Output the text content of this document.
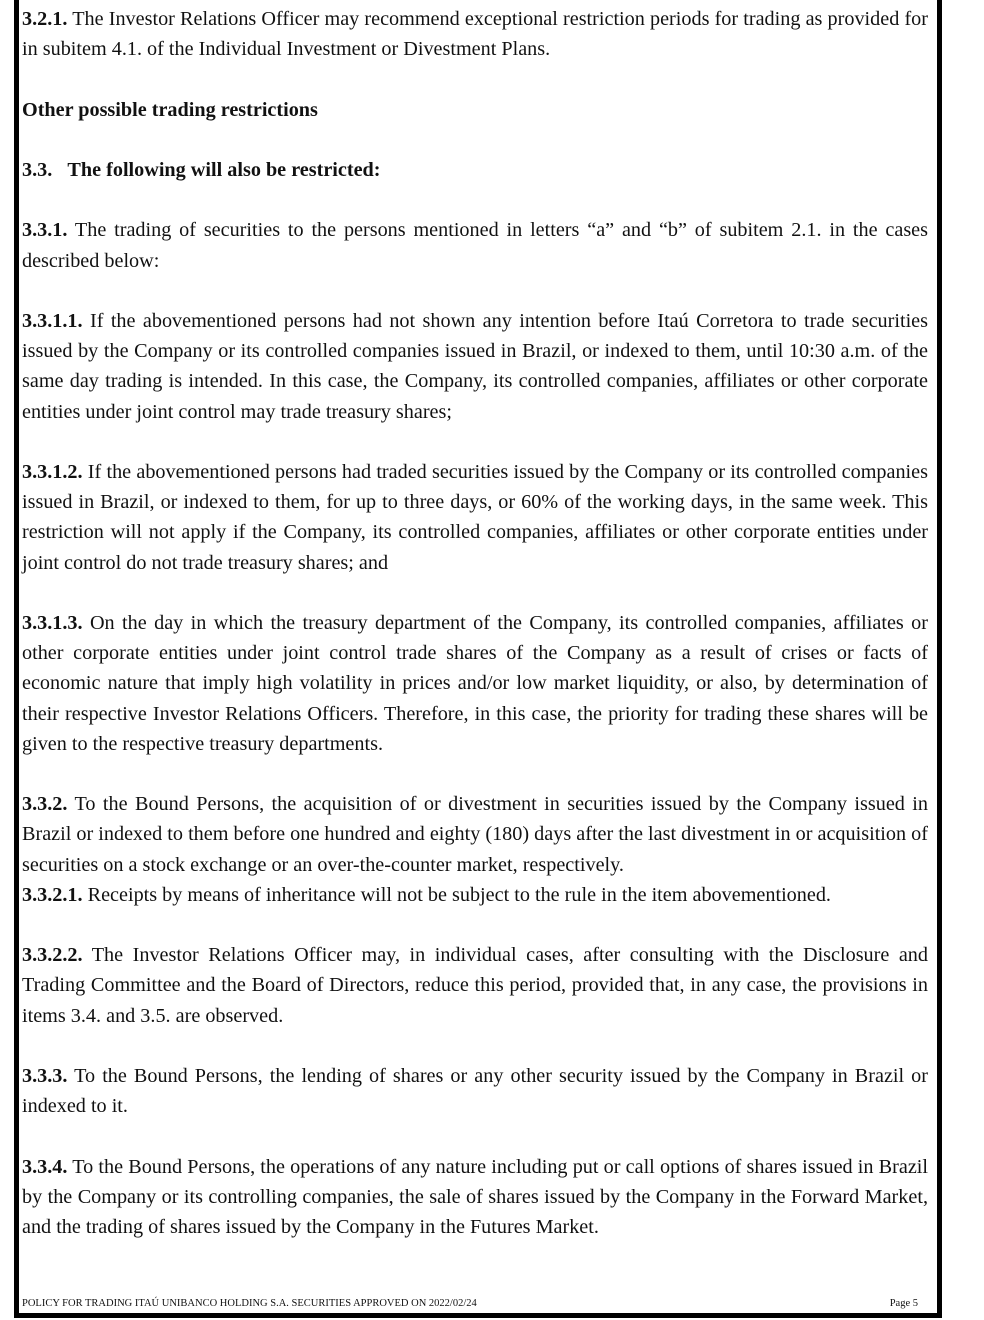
3.2.1. The Investor Relations Officer may recommend exceptional restriction periods for trading as provided for in subitem 4.1. of the Individual Investment or Divestment Plans.

Other possible trading restrictions

3.3. The following will also be restricted:

3.3.1. The trading of securities to the persons mentioned in letters “a” and “b” of subitem 2.1. in the cases described below:

3.3.1.1. If the abovementioned persons had not shown any intention before Itaú Corretora to trade securities issued by the Company or its controlled companies issued in Brazil, or indexed to them, until 10:30 a.m. of the same day trading is intended. In this case, the Company, its controlled companies, affiliates or other corporate entities under joint control may trade treasury shares;

3.3.1.2. If the abovementioned persons had traded securities issued by the Company or its controlled companies issued in Brazil, or indexed to them, for up to three days, or 60% of the working days, in the same week. This restriction will not apply if the Company, its controlled companies, affiliates or other corporate entities under joint control do not trade treasury shares; and

3.3.1.3. On the day in which the treasury department of the Company, its controlled companies, affiliates or other corporate entities under joint control trade shares of the Company as a result of crises or facts of economic nature that imply high volatility in prices and/or low market liquidity, or also, by determination of their respective Investor Relations Officers. Therefore, in this case, the priority for trading these shares will be given to the respective treasury departments.

3.3.2. To the Bound Persons, the acquisition of or divestment in securities issued by the Company issued in Brazil or indexed to them before one hundred and eighty (180) days after the last divestment in or acquisition of securities on a stock exchange or an over-the-counter market, respectively.

3.3.2.1. Receipts by means of inheritance will not be subject to the rule in the item abovementioned.

3.3.2.2. The Investor Relations Officer may, in individual cases, after consulting with the Disclosure and Trading Committee and the Board of Directors, reduce this period, provided that, in any case, the provisions in items 3.4. and 3.5. are observed.

3.3.3. To the Bound Persons, the lending of shares or any other security issued by the Company in Brazil or indexed to it.

3.3.4. To the Bound Persons, the operations of any nature including put or call options of shares issued in Brazil by the Company or its controlling companies, the sale of shares issued by the Company in the Forward Market, and the trading of shares issued by the Company in the Futures Market.

POLICY FOR TRADING ITAÚ UNIBANCO HOLDING S.A. SECURITIES APPROVED ON 2022/02/24	Page 5
